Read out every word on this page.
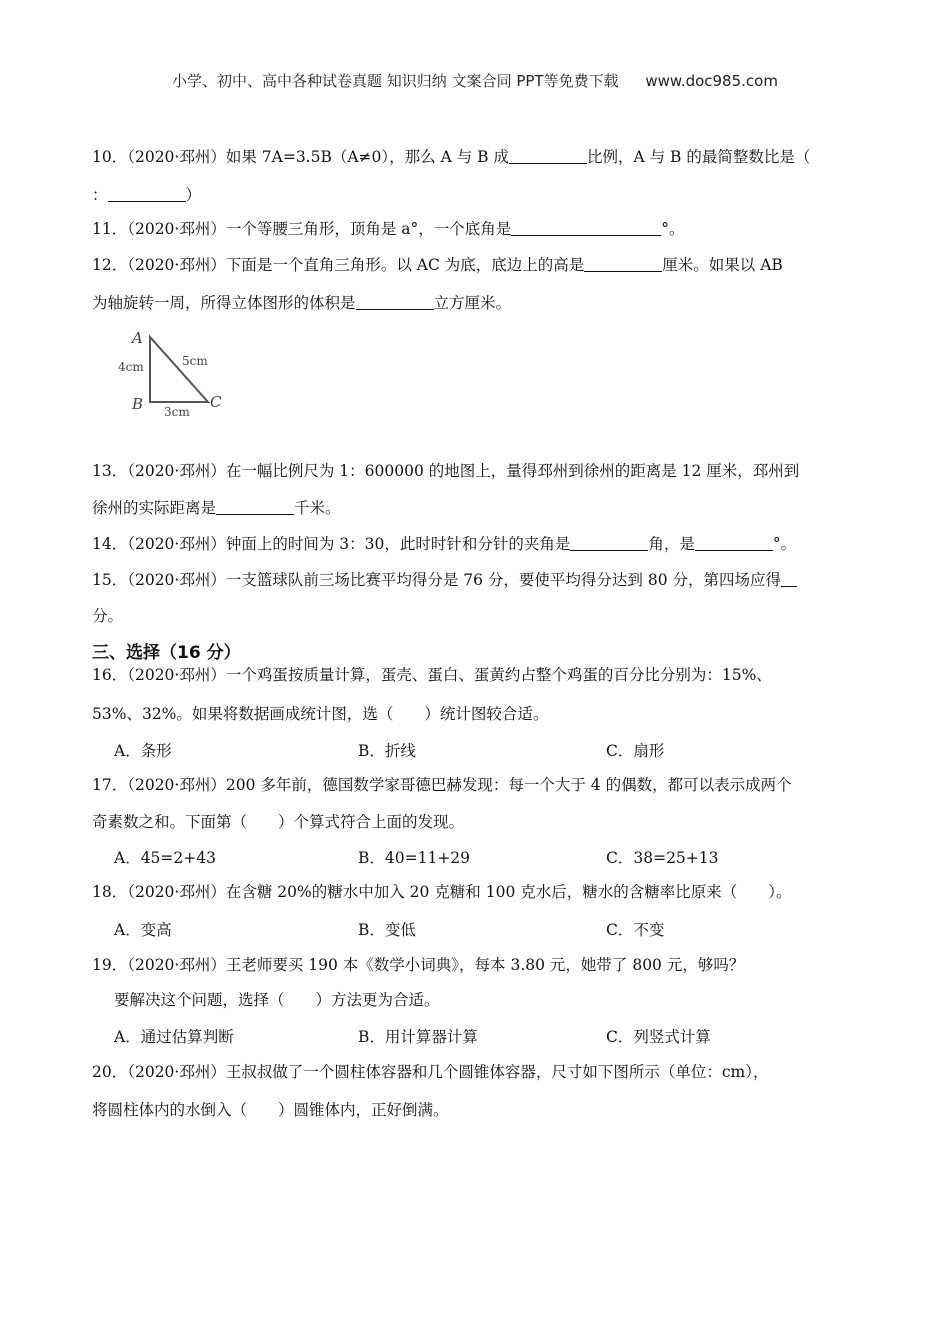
小学、初中、高中各种试卷真题 知识归纳 文案合同 PPT等免费下载 www.doc985.com
10．（2020·邳州）如果 7A=3.5B（A≠0），那么 A 与 B 成	比例，A 与 B 的最简整数比是（
：	）
11．（2020·邳州）一个等腰三角形，顶角是 a°，一个底角是	°。
12．（2020·邳州）下面是一个直角三角形。以 AC 为底，底边上的高是	厘米。如果以 AB
为轴旋转一周，所得立体图形的体积是	立方厘米。
A
B	C
4cm	5cm
3cm
13．（2020·邳州）在一幅比例尺为 1：600000 的地图上，量得邳州到徐州的距离是 12 厘米，邳州到
徐州的实际距离是	千米。
14．（2020·邳州）钟面上的时间为 3：30，此时时针和分针的夹角是	角，是	°。
15．（2020·邳州）一支篮球队前三场比赛平均得分是 76 分，要使平均得分达到 80 分，第四场应得
分。
三、选择（16 分）
16．（2020·邳州）一个鸡蛋按质量计算，蛋壳、蛋白、蛋黄约占整个鸡蛋的百分比分别为：15%、
53%、32%。如果将数据画成统计图，选（　　）统计图较合适。
A．条形	B．折线	C．扇形
17．（2020·邳州）200 多年前，德国数学家哥德巴赫发现：每一个大于 4 的偶数，都可以表示成两个
奇素数之和。下面第（　　）个算式符合上面的发现。
A．45=2+43	B．40=11+29	C．38=25+13
18．（2020·邳州）在含糖 20%的糖水中加入 20 克糖和 100 克水后，糖水的含糖率比原来（　　）。
A．变高	B．变低	C．不变
19．（2020·邳州）王老师要买 190 本《数学小词典》，每本 3.80 元，她带了 800 元，够吗？
要解决这个问题，选择（　　）方法更为合适。
A．通过估算判断	B．用计算器计算	C．列竖式计算
20．（2020·邳州）王叔叔做了一个圆柱体容器和几个圆锥体容器，尺寸如下图所示（单位：cm），
将圆柱体内的水倒入（　　）圆锥体内，正好倒满。
